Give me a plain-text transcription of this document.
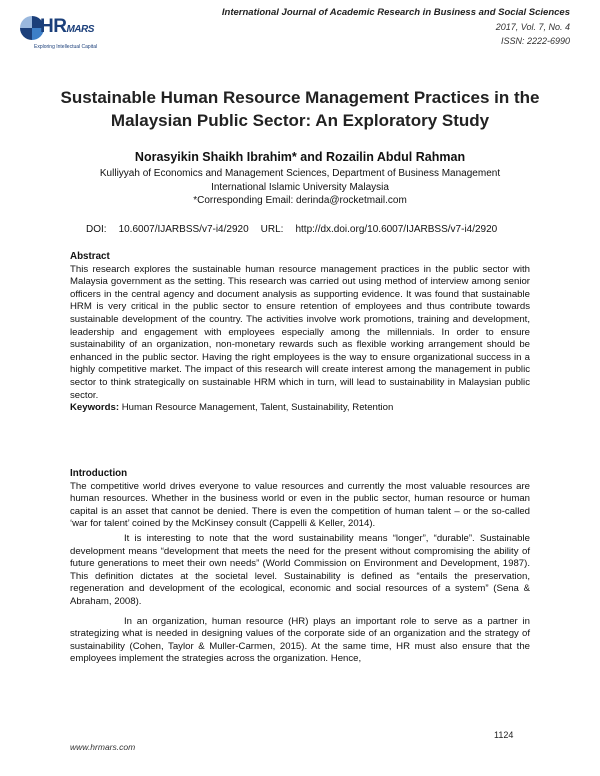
HRMARS
Exploring Intellectual Capital
International Journal of Academic Research in Business and Social Sciences
2017, Vol. 7, No. 4
ISSN: 2222-6990
Sustainable Human Resource Management Practices in the Malaysian Public Sector: An Exploratory Study
Norasyikin Shaikh Ibrahim* and Rozailin Abdul Rahman
Kulliyyah of Economics and Management Sciences, Department of Business Management
International Islamic University Malaysia
*Corresponding Email: derinda@rocketmail.com
DOI: 10.6007/IJARBSS/v7-i4/2920 URL: http://dx.doi.org/10.6007/IJARBSS/v7-i4/2920
Abstract
This research explores the sustainable human resource management practices in the public sector with Malaysia government as the setting. This research was carried out using method of interview among senior officers in the central agency and document analysis as supporting evidence. It was found that sustainable HRM is very critical in the public sector to ensure retention of employees and thus contribute towards sustainable development of the country. The activities involve work promotions, training and development, leadership and engagement with employees especially among the millennials. In order to ensure sustainability of an organization, non-monetary rewards such as flexible working arrangement should be enhanced in the public sector. Having the right employees is the way to ensure organizational success in a highly competitive market. The impact of this research will create interest among the management in public sector to think strategically on sustainable HRM which in turn, will lead to sustainability in Malaysian public sector.
Keywords: Human Resource Management, Talent, Sustainability, Retention
Introduction
The competitive world drives everyone to value resources and currently the most valuable resources are human resources. Whether in the business world or even in the public sector, human resource or human capital is an asset that cannot be denied. There is even the competition of human talent – or the so-called ‘war for talent’ coined by the McKinsey consult (Cappelli & Keller, 2014).
It is interesting to note that the word sustainability means “longer”, “durable”. Sustainable development means “development that meets the need for the present without compromising the ability of future generations to meet their own needs” (World Commission on Environment and Development, 1987). This definition dictates at the societal level. Sustainability is defined as “entails the preservation, regeneration and development of the ecological, economic and social resources of a system” (Sena & Abraham, 2008).
In an organization, human resource (HR) plays an important role to serve as a partner in strategizing what is needed in designing values of the corporate side of an organization and the strategy of sustainability (Cohen, Taylor & Muller-Carmen, 2015). At the same time, HR must also ensure that the employees implement the strategies across the organization. Hence,
1124
www.hrmars.com
